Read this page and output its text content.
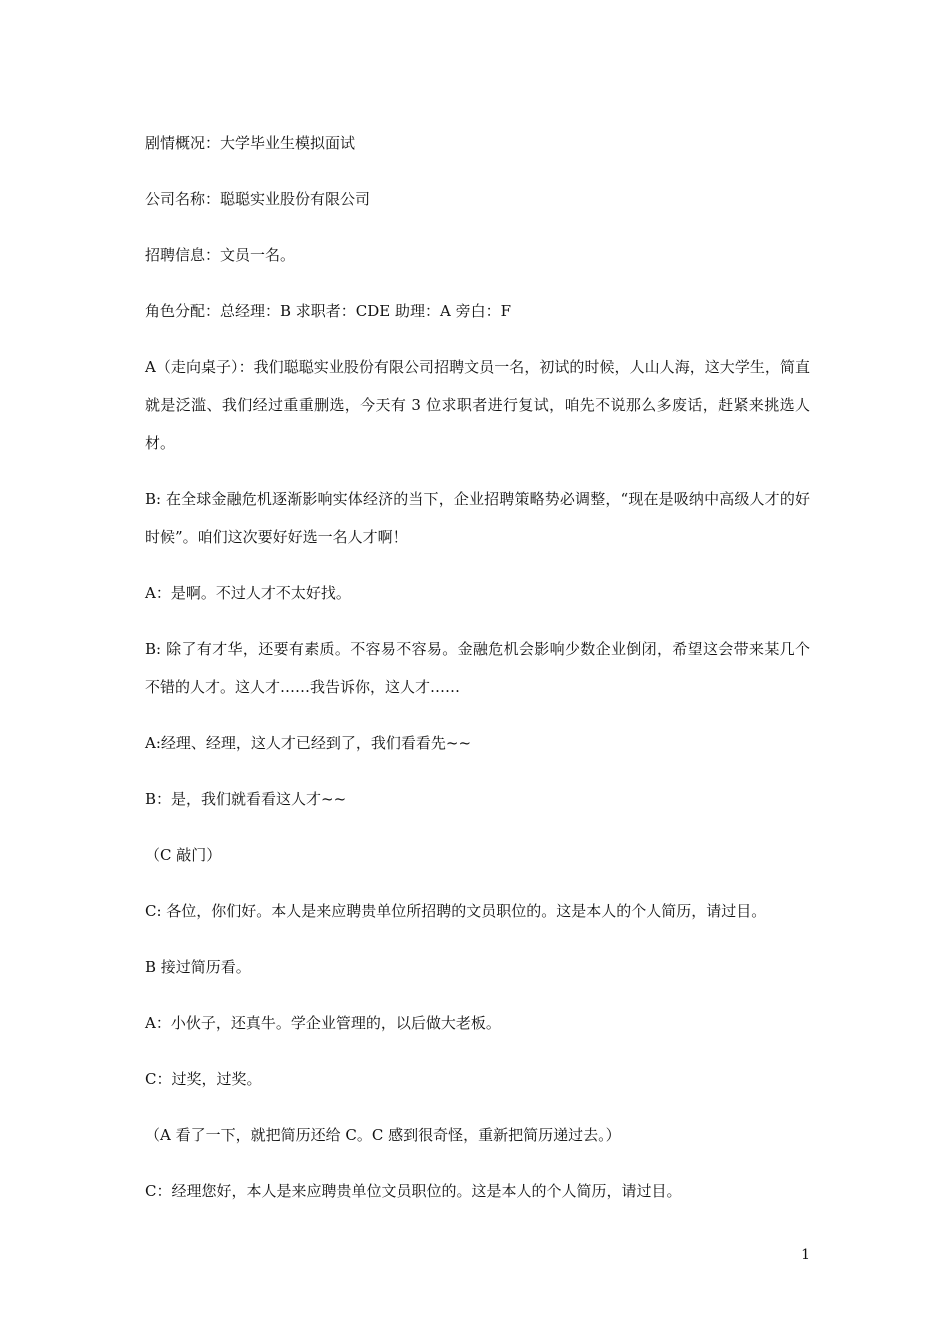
剧情概况：大学毕业生模拟面试

公司名称：聪聪实业股份有限公司

招聘信息：文员一名。

角色分配：总经理：B 求职者：CDE 助理：A 旁白：F

A（走向桌子）：我们聪聪实业股份有限公司招聘文员一名，初试的时候，人山人海，这大学生，简直就是泛滥、我们经过重重删选，今天有 3 位求职者进行复试，咱先不说那么多废话，赶紧来挑选人材。

B: 在全球金融危机逐渐影响实体经济的当下，企业招聘策略势必调整，“现在是吸纳中高级人才的好时候”。咱们这次要好好选一名人才啊！

A：是啊。不过人才不太好找。

B: 除了有才华，还要有素质。不容易不容易。金融危机会影响少数企业倒闭，希望这会带来某几个不错的人才。这人才……我告诉你，这人才……

A:经理、经理，这人才已经到了，我们看看先~~

B：是，我们就看看这人才~~

（C 敲门）

C: 各位，你们好。本人是来应聘贵单位所招聘的文员职位的。这是本人的个人简历，请过目。

B 接过简历看。

A：小伙子，还真牛。学企业管理的，以后做大老板。

C：过奖，过奖。

（A 看了一下，就把简历还给 C。C 感到很奇怪，重新把简历递过去。）

C：经理您好，本人是来应聘贵单位文员职位的。这是本人的个人简历，请过目。

1
